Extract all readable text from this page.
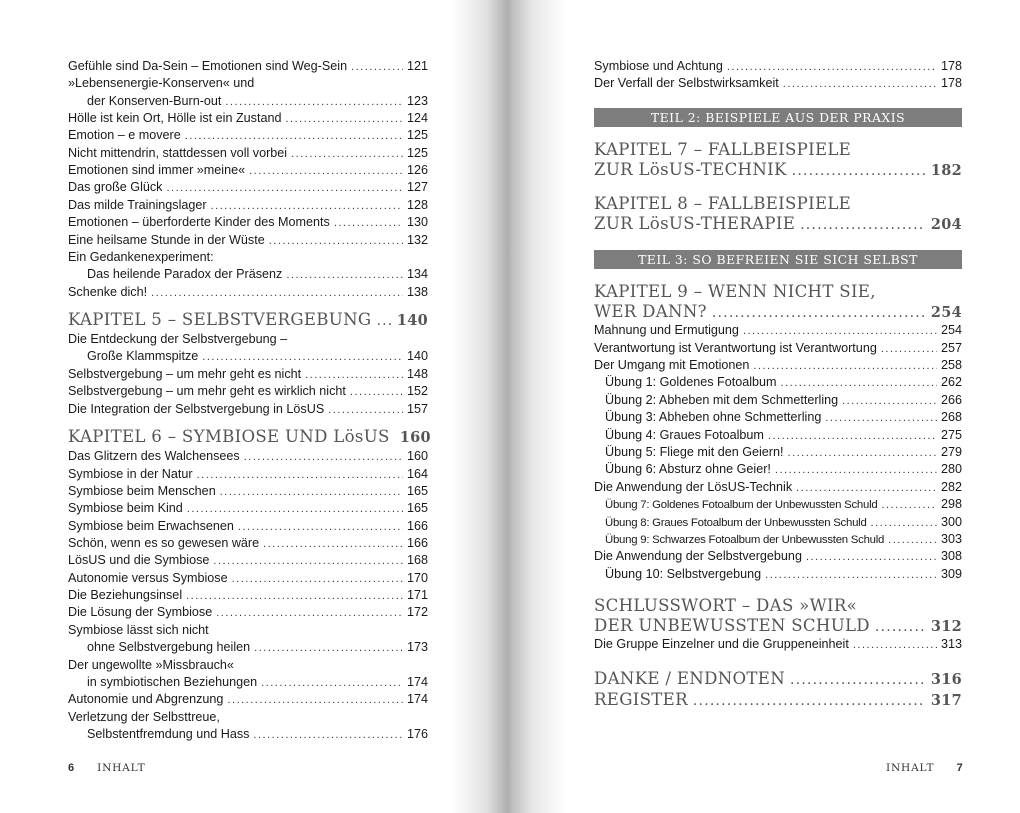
Gefühle sind Da-Sein – Emotionen sind Weg-Sein .....	121
»Lebensenergie-Konserven« und
der Konserven-Burn-out .....	123
Hölle ist kein Ort, Hölle ist ein Zustand .....	124
Emotion – e movere .....	125
Nicht mittendrin, stattdessen voll vorbei .....	125
Emotionen sind immer »meine« .....	126
Das große Glück .....	127
Das milde Trainingslager .....	128
Emotionen – überforderte Kinder des Moments .....	130
Eine heilsame Stunde in der Wüste .....	132
Ein Gedankenexperiment:
Das heilende Paradox der Präsenz .....	134
Schenke dich! .....	138
KAPITEL 5 – SELBSTVERGEBUNG ..... 140
Die Entdeckung der Selbstvergebung –
Große Klammspitze .....	140
Selbstvergebung – um mehr geht es nicht .....	148
Selbstvergebung – um mehr geht es wirklich nicht .....	152
Die Integration der Selbstvergebung in LösUS .....	157
KAPITEL 6 – SYMBIOSE UND LösUS 160
Das Glitzern des Walchensees .....	160
Symbiose in der Natur .....	164
Symbiose beim Menschen .....	165
Symbiose beim Kind .....	165
Symbiose beim Erwachsenen .....	166
Schön, wenn es so gewesen wäre .....	166
LösUS und die Symbiose .....	168
Autonomie versus Symbiose .....	170
Die Beziehungsinsel .....	171
Die Lösung der Symbiose .....	172
Symbiose lässt sich nicht
ohne Selbstvergebung heilen .....	173
Der ungewollte »Missbrauch«
in symbiotischen Beziehungen .....	174
Autonomie und Abgrenzung .....	174
Verletzung der Selbsttreue,
Selbstentfremdung und Hass .....	176
6 INHALT
Symbiose und Achtung .....	178
Der Verfall der Selbstwirksamkeit .....	178
TEIL 2: BEISPIELE AUS DER PRAXIS
KAPITEL 7 – FALLBEISPIELE
ZUR LösUS-TECHNIK .....	182
KAPITEL 8 – FALLBEISPIELE
ZUR LösUS-THERAPIE .....	204
TEIL 3: SO BEFREIEN SIE SICH SELBST
KAPITEL 9 – WENN NICHT SIE,
WER DANN? .....	254
Mahnung und Ermutigung .....	254
Verantwortung ist Verantwortung ist Verantwortung .....	257
Der Umgang mit Emotionen .....	258
Übung 1: Goldenes Fotoalbum .....	262
Übung 2: Abheben mit dem Schmetterling .....	266
Übung 3: Abheben ohne Schmetterling .....	268
Übung 4: Graues Fotoalbum .....	275
Übung 5: Fliege mit den Geiern! .....	279
Übung 6: Absturz ohne Geier! .....	280
Die Anwendung der LösUS-Technik .....	282
Übung 7: Goldenes Fotoalbum der Unbewussten Schuld .....	298
Übung 8: Graues Fotoalbum der Unbewussten Schuld .....	300
Übung 9: Schwarzes Fotoalbum der Unbewussten Schuld .....	303
Die Anwendung der Selbstvergebung .....	308
Übung 10: Selbstvergebung .....	309
SCHLUSSWORT – DAS »WIR«
DER UNBEWUSSTEN SCHULD .....	312
Die Gruppe Einzelner und die Gruppeneinheit .....	313
DANKE / ENDNOTEN .....	316
REGISTER .....	317
INHALT 7
